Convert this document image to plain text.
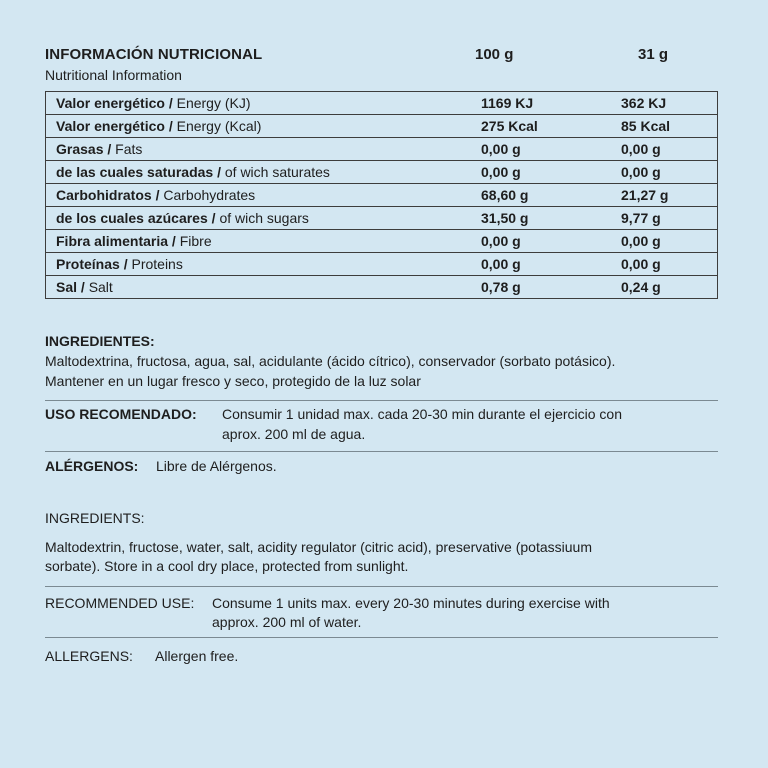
INFORMACIÓN NUTRICIONAL
Nutritional Information
100 g	31 g
Valor energético / Energy (KJ)	1169 KJ	362 KJ
Valor energético / Energy (Kcal)	275 Kcal	85 Kcal
Grasas / Fats	0,00 g	0,00 g
de las cuales saturadas / of wich saturates	0,00 g	0,00 g
Carbohidratos / Carbohydrates	68,60 g	21,27 g
de los cuales azúcares / of wich sugars	31,50 g	9,77 g
Fibra alimentaria / Fibre	0,00 g	0,00 g
Proteínas / Proteins	0,00 g	0,00 g
Sal / Salt	0,78 g	0,24 g
INGREDIENTES:
Maltodextrina, fructosa, agua, sal, acidulante (ácido cítrico), conservador (sorbato potásico).
Mantener en un lugar fresco y seco, protegido de la luz solar
USO RECOMENDADO: Consumir 1 unidad max. cada 20-30 min durante el ejercicio con
aprox. 200 ml de agua.
ALÉRGENOS: Libre de Alérgenos.
INGREDIENTS:
Maltodextrin, fructose, water, salt, acidity regulator (citric acid), preservative (potassiuum
sorbate). Store in a cool dry place, protected from sunlight.
RECOMMENDED USE: Consume 1 units max. every 20-30 minutes during exercise with
approx. 200 ml of water.
ALLERGENS: Allergen free.
